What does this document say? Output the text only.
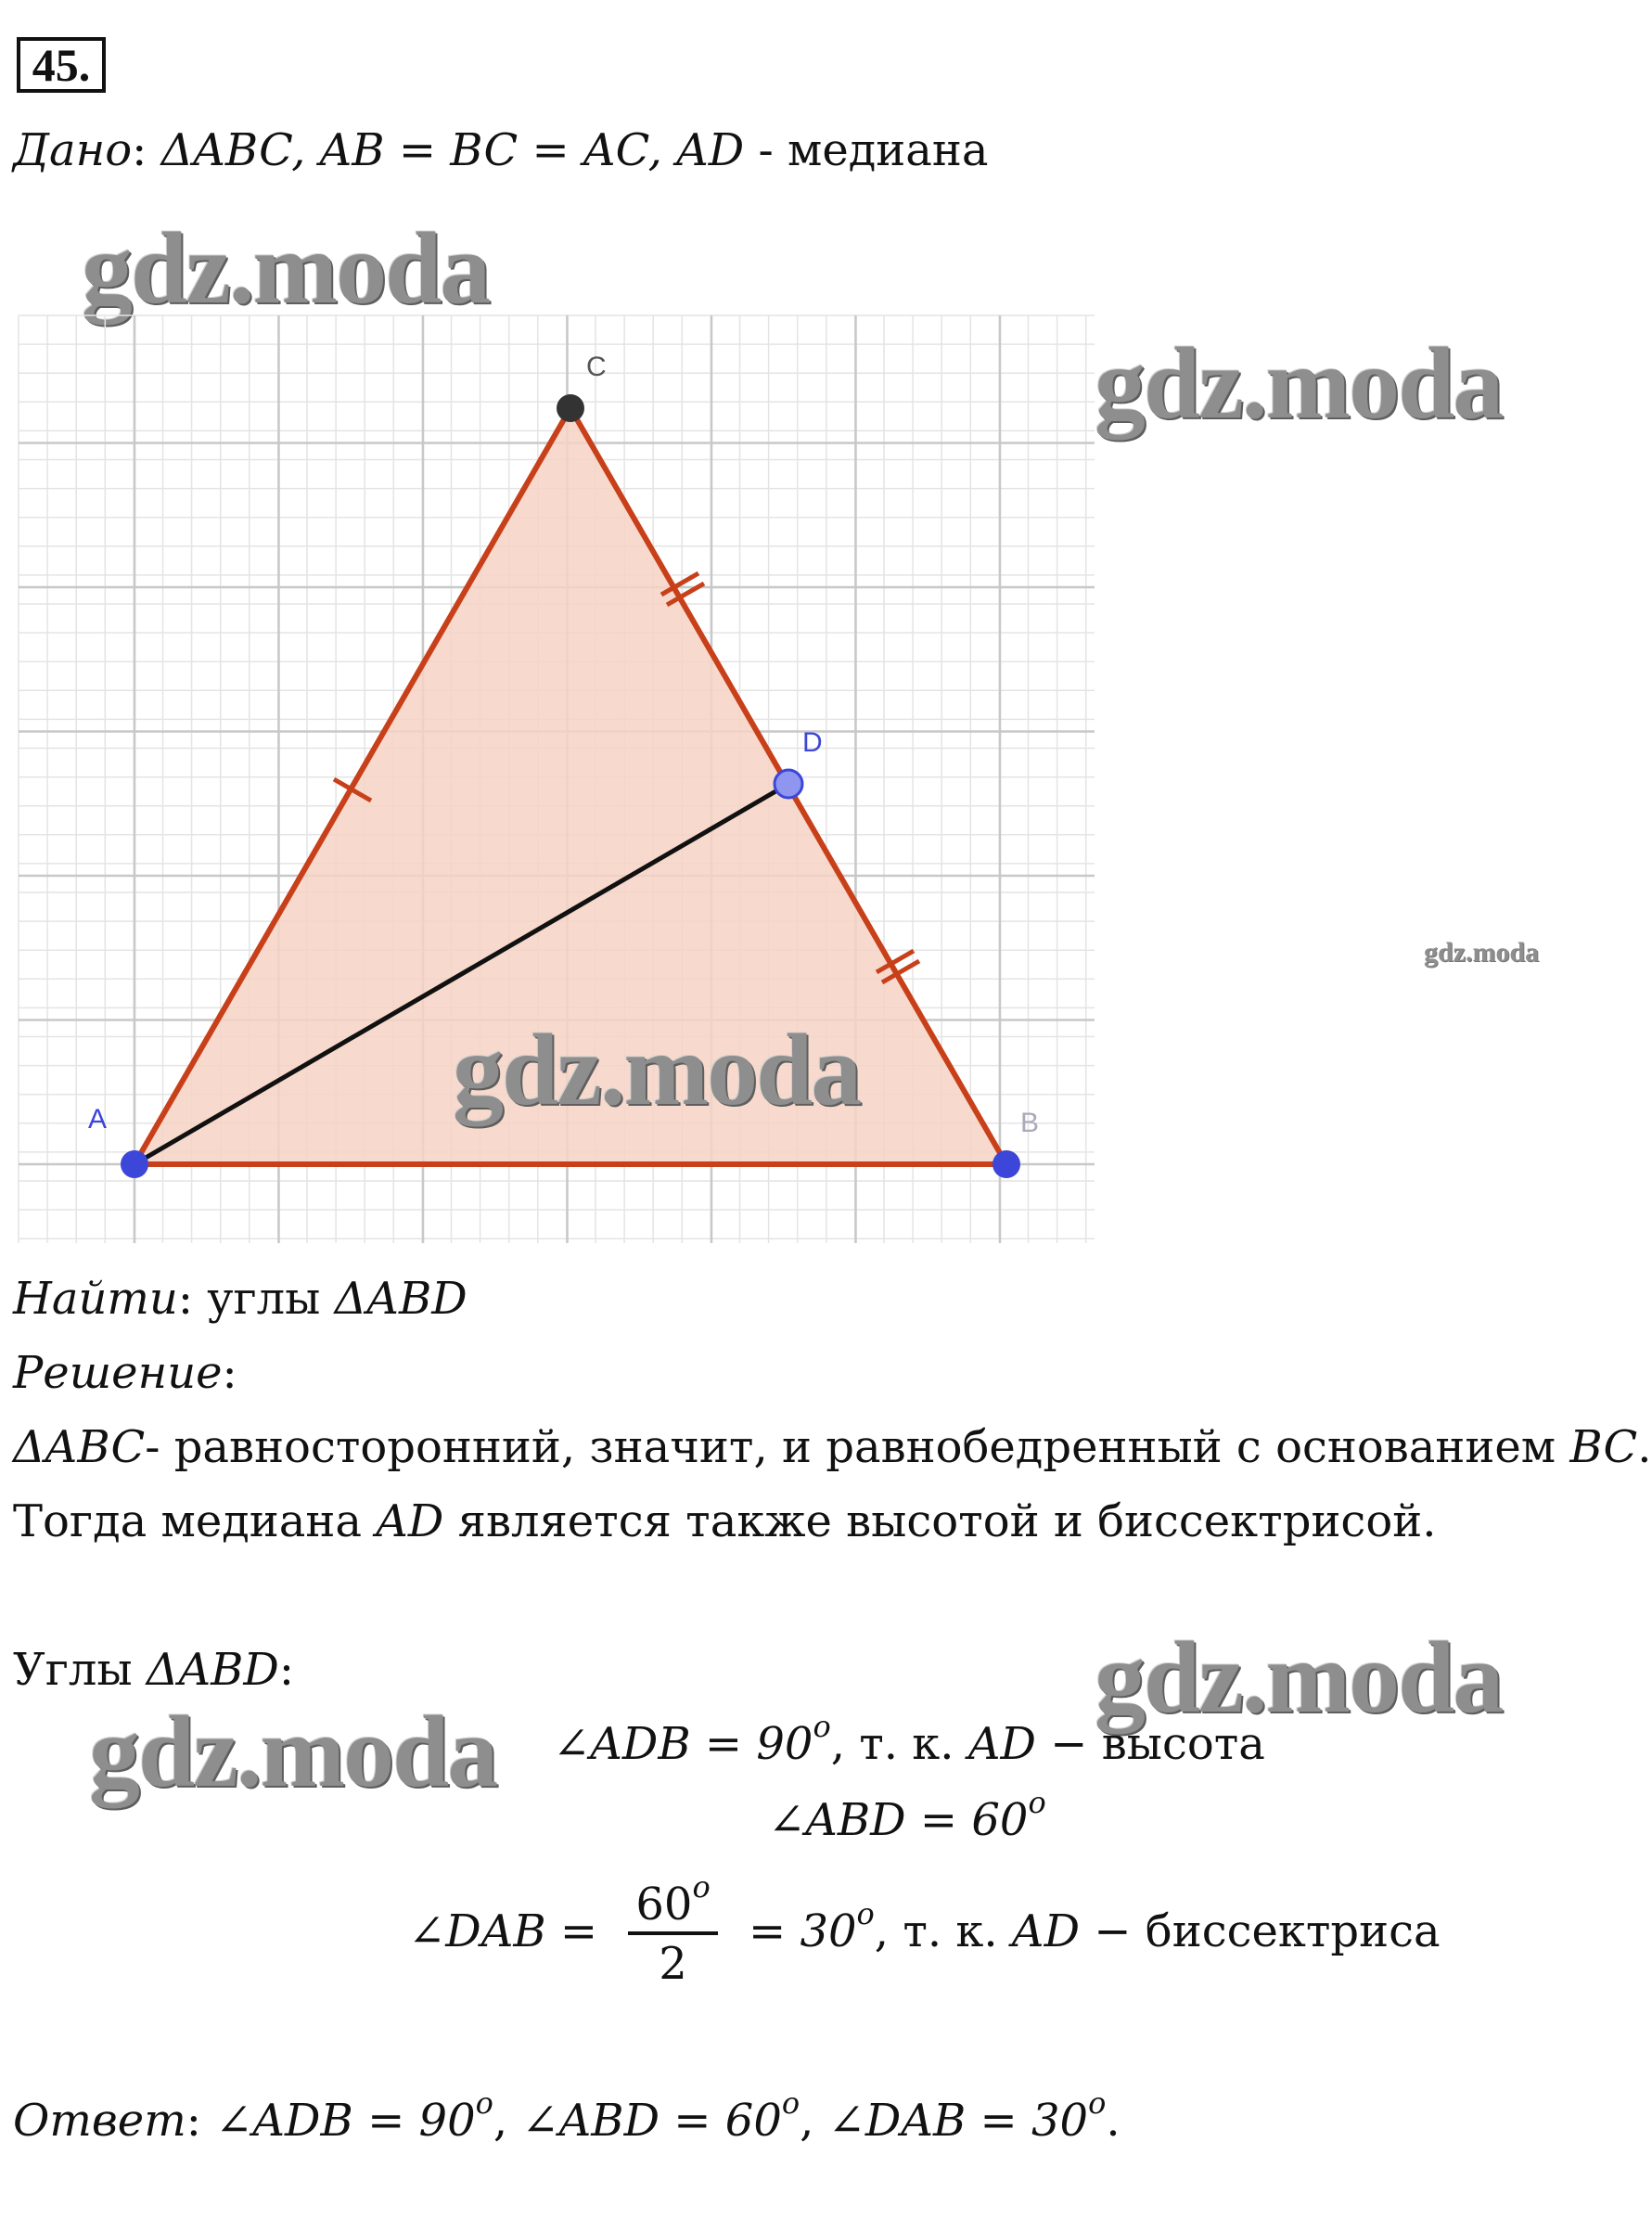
45.
Дано: ΔABC, AB = BC = AC, AD - медиана
gdz.moda
C
D
A	B
gdz.moda
gdz.moda
gdz.moda
Найти: углы ΔABD
Решение:
ΔABC- равносторонний, значит, и равнобедренный с основанием BC.
Тогда медиана AD является также высотой и биссектрисой.
Углы ΔABD:	gdz.moda
gdz.moda ∠ADB = $90^o$, т. к. AD − высота
∠ABD = $60^o$
∠DAB = $\frac{60^o}{2} = 30^o$, т. к. AD − биссектриса
Ответ: ∠ADB = $90^o$, ∠ABD = $60^o$, ∠DAB = $30^o$.
